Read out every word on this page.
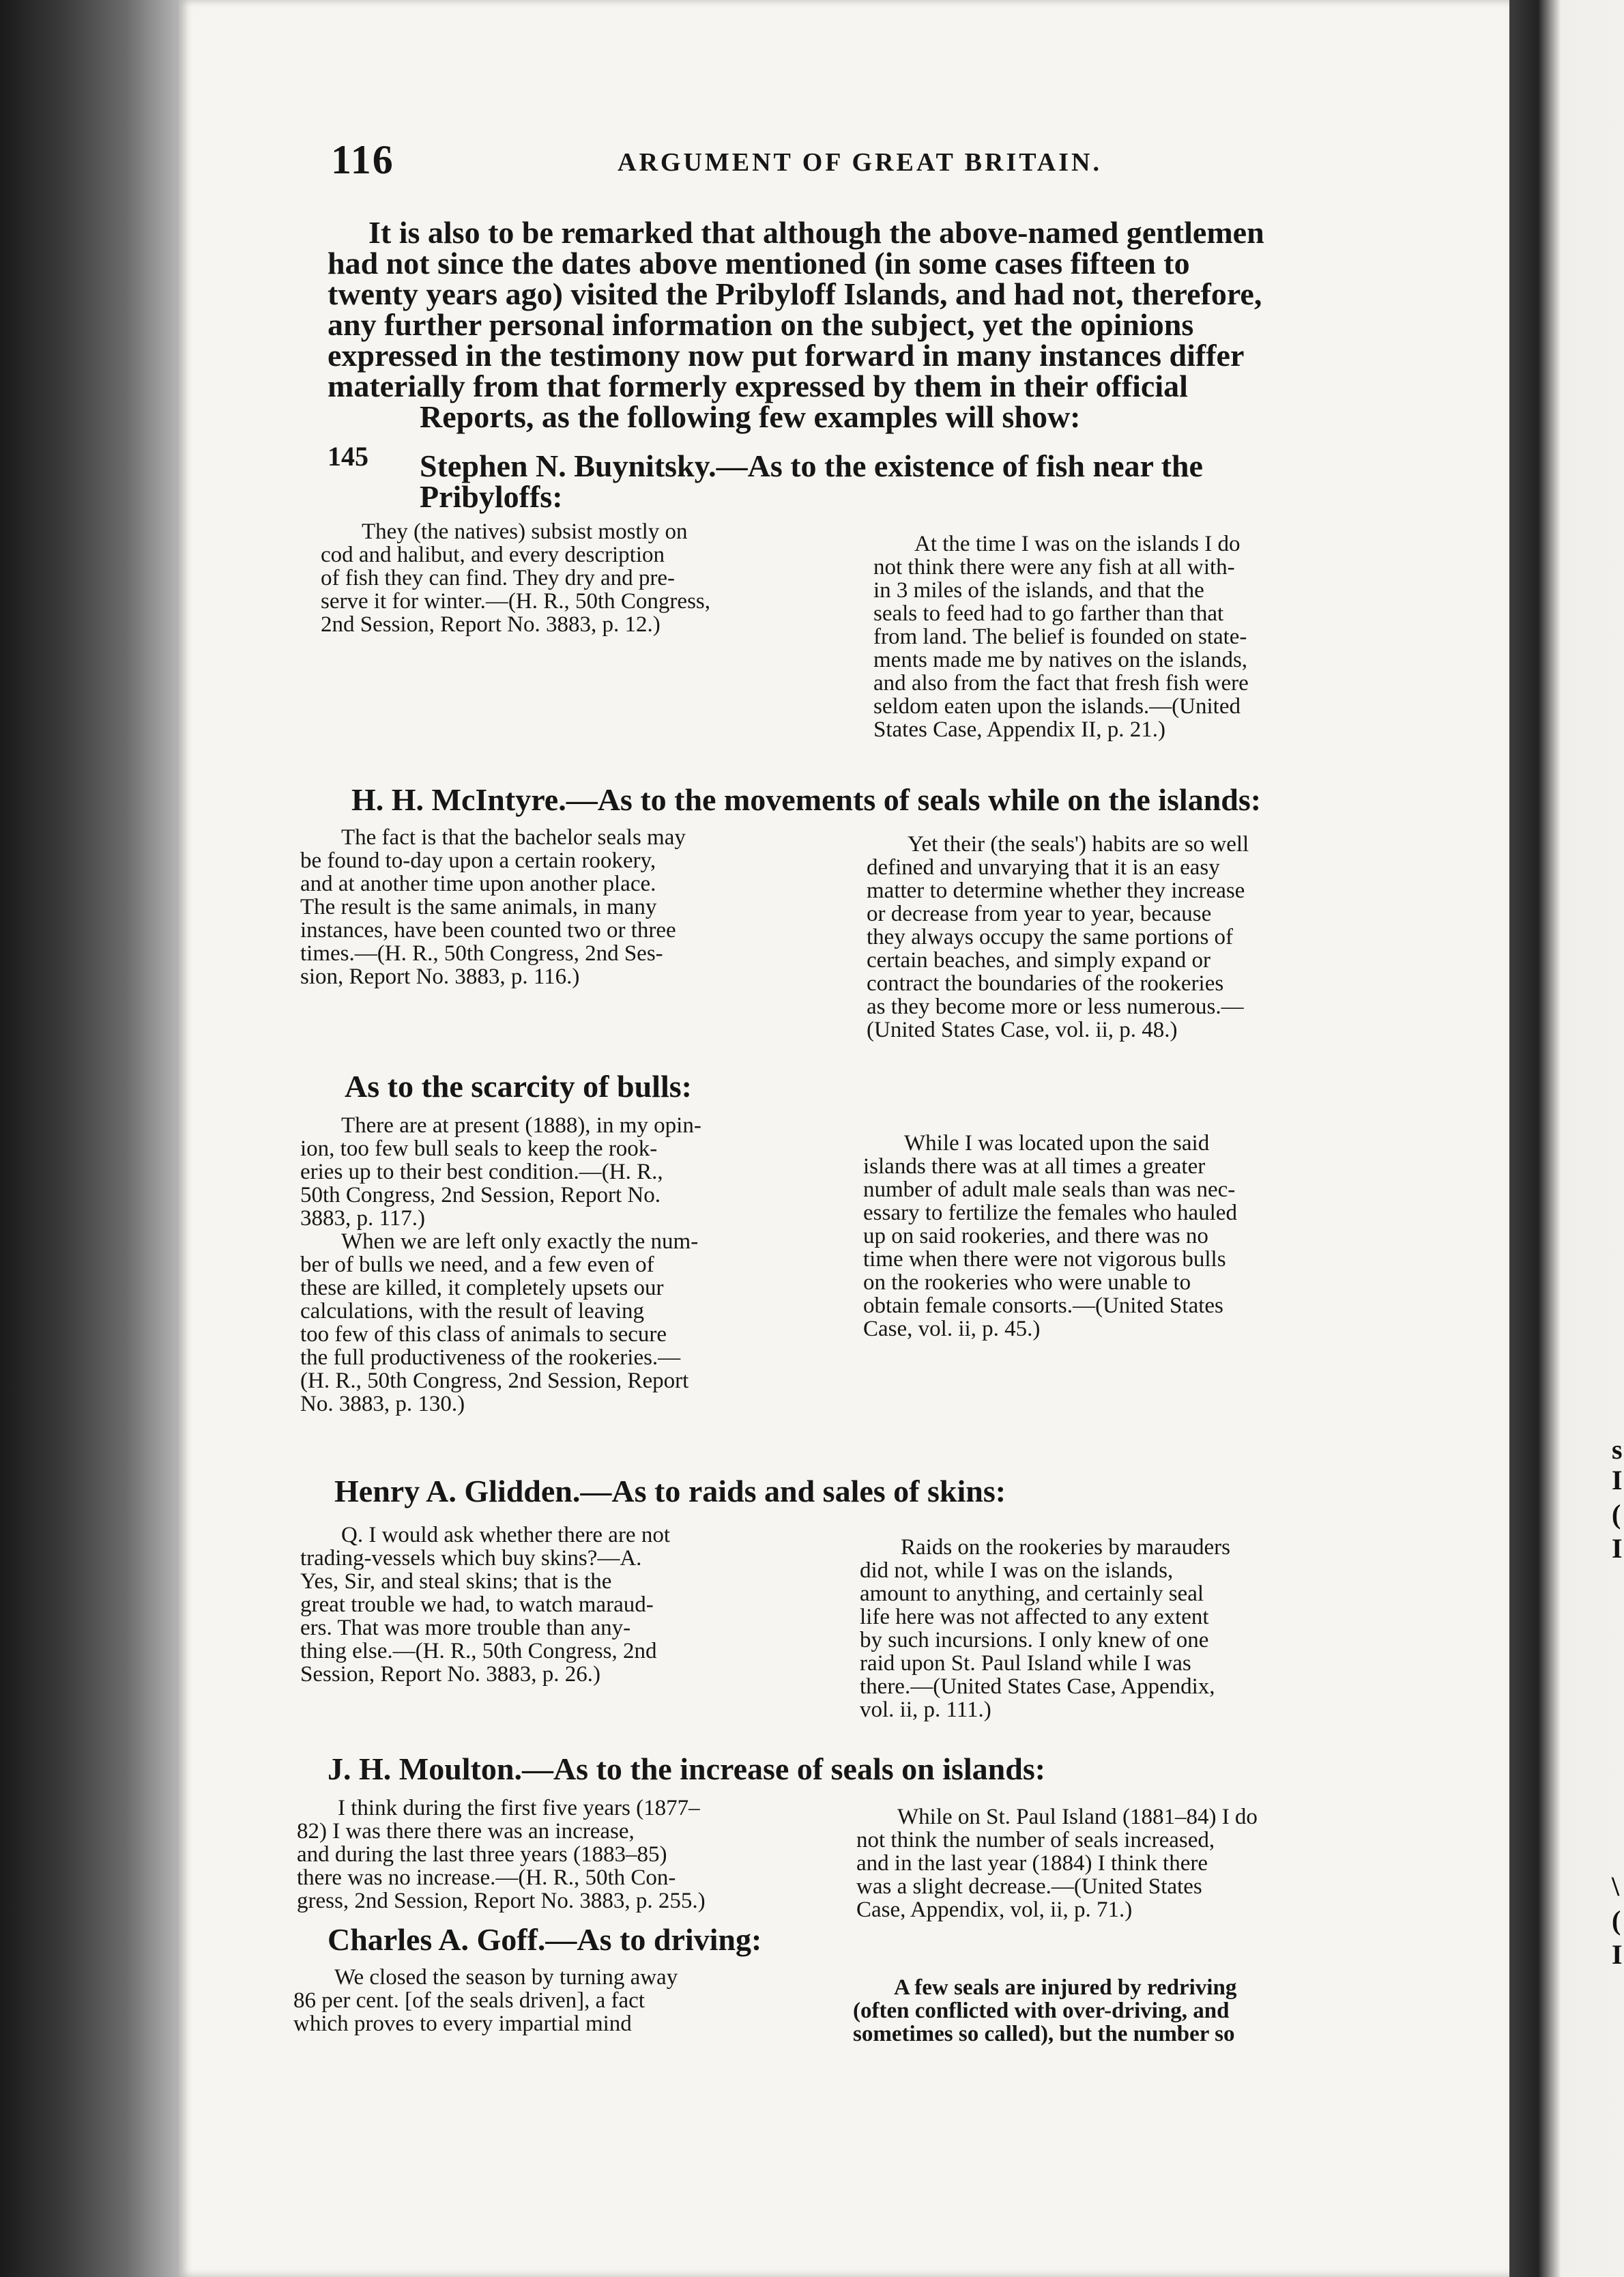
s
I
(
I
\
(
I
116	ARGUMENT OF GREAT BRITAIN.
It is also to be remarked that although the above-named gentlemen
had not since the dates above mentioned (in some cases fifteen to
twenty years ago) visited the Pribyloff Islands, and had not, therefore,
any further personal information on the subject, yet the opinions
expressed in the testimony now put forward in many instances differ
materially from that formerly expressed by them in their official
Reports, as the following few examples will show:
145 Stephen N. Buynitsky.—As to the existence of fish near the
Pribyloffs:
They (the natives) subsist mostly on
cod and halibut, and every description
of fish they can find. They dry and pre-
serve it for winter.—(H. R., 50th Congress,
2nd Session, Report No. 3883, p. 12.)
At the time I was on the islands I do
not think there were any fish at all with-
in 3 miles of the islands, and that the
seals to feed had to go farther than that
from land. The belief is founded on state-
ments made me by natives on the islands,
and also from the fact that fresh fish were
seldom eaten upon the islands.—(United
States Case, Appendix II, p. 21.)
H. H. McIntyre.—As to the movements of seals while on the islands:
The fact is that the bachelor seals may
be found to-day upon a certain rookery,
and at another time upon another place.
The result is the same animals, in many
instances, have been counted two or three
times.—(H. R., 50th Congress, 2nd Ses-
sion, Report No. 3883, p. 116.)
Yet their (the seals') habits are so well
defined and unvarying that it is an easy
matter to determine whether they increase
or decrease from year to year, because
they always occupy the same portions of
certain beaches, and simply expand or
contract the boundaries of the rookeries
as they become more or less numerous.—
(United States Case, vol. ii, p. 48.)
As to the scarcity of bulls:
There are at present (1888), in my opin-
ion, too few bull seals to keep the rook-
eries up to their best condition.—(H. R.,
50th Congress, 2nd Session, Report No.
3883, p. 117.)
When we are left only exactly the num-
ber of bulls we need, and a few even of
these are killed, it completely upsets our
calculations, with the result of leaving
too few of this class of animals to secure
the full productiveness of the rookeries.—
(H. R., 50th Congress, 2nd Session, Report
No. 3883, p. 130.)
While I was located upon the said
islands there was at all times a greater
number of adult male seals than was nec-
essary to fertilize the females who hauled
up on said rookeries, and there was no
time when there were not vigorous bulls
on the rookeries who were unable to
obtain female consorts.—(United States
Case, vol. ii, p. 45.)
Henry A. Glidden.—As to raids and sales of skins:
Q. I would ask whether there are not
trading-vessels which buy skins?—A.
Yes, Sir, and steal skins; that is the
great trouble we had, to watch maraud-
ers. That was more trouble than any-
thing else.—(H. R., 50th Congress, 2nd
Session, Report No. 3883, p. 26.)
Raids on the rookeries by marauders
did not, while I was on the islands,
amount to anything, and certainly seal
life here was not affected to any extent
by such incursions. I only knew of one
raid upon St. Paul Island while I was
there.—(United States Case, Appendix,
vol. ii, p. 111.)
J. H. Moulton.—As to the increase of seals on islands:
I think during the first five years (1877–
82) I was there there was an increase,
and during the last three years (1883–85)
there was no increase.—(H. R., 50th Con-
gress, 2nd Session, Report No. 3883, p. 255.)
While on St. Paul Island (1881–84) I do
not think the number of seals increased,
and in the last year (1884) I think there
was a slight decrease.—(United States
Case, Appendix, vol, ii, p. 71.)
Charles A. Goff.—As to driving:
We closed the season by turning away
86 per cent. [of the seals driven], a fact
which proves to every impartial mind
A few seals are injured by redriving
(often conflicted with over-driving, and
sometimes so called), but the number so
